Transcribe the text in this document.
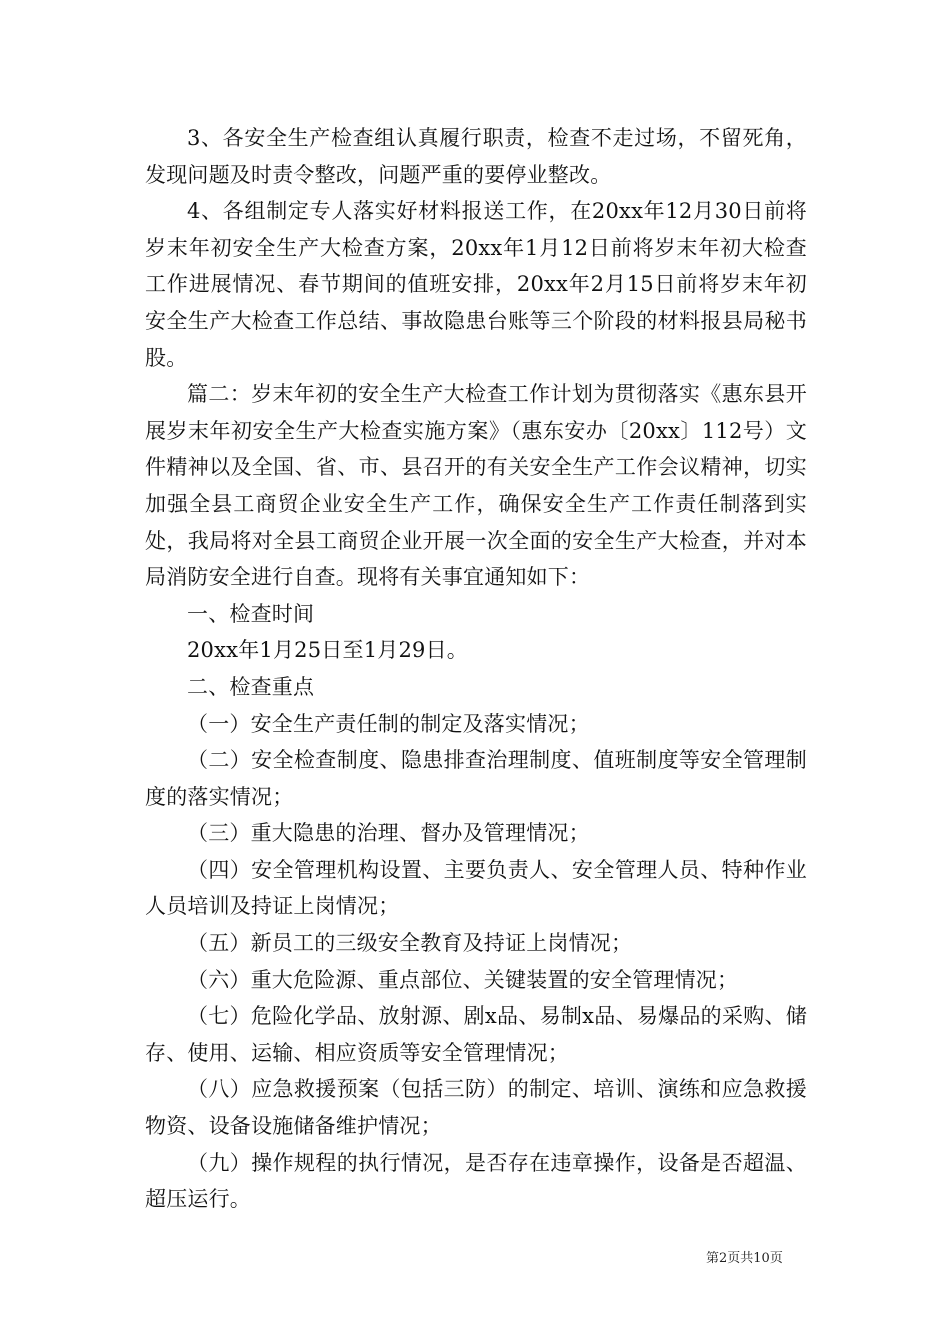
3、各安全生产检查组认真履行职责，检查不走过场，不留死角，发现问题及时责令整改，问题严重的要停业整改。

4、各组制定专人落实好材料报送工作，在20xx年12月30日前将岁末年初安全生产大检查方案，20xx年1月12日前将岁末年初大检查工作进展情况、春节期间的值班安排，20xx年2月15日前将岁末年初安全生产大检查工作总结、事故隐患台账等三个阶段的材料报县局秘书股。

篇二：岁末年初的安全生产大检查工作计划为贯彻落实《惠东县开展岁末年初安全生产大检查实施方案》（惠东安办〔20xx〕112号）文件精神以及全国、省、市、县召开的有关安全生产工作会议精神，切实加强全县工商贸企业安全生产工作，确保安全生产工作责任制落到实处，我局将对全县工商贸企业开展一次全面的安全生产大检查，并对本局消防安全进行自查。现将有关事宜通知如下：

一、检查时间

20xx年1月25日至1月29日。

二、检查重点

（一）安全生产责任制的制定及落实情况；

（二）安全检查制度、隐患排查治理制度、值班制度等安全管理制度的落实情况；

（三）重大隐患的治理、督办及管理情况；

（四）安全管理机构设置、主要负责人、安全管理人员、特种作业人员培训及持证上岗情况；

（五）新员工的三级安全教育及持证上岗情况；

（六）重大危险源、重点部位、关键装置的安全管理情况；

（七）危险化学品、放射源、剧x品、易制x品、易爆品的采购、储存、使用、运输、相应资质等安全管理情况；

（八）应急救援预案（包括三防）的制定、培训、演练和应急救援物资、设备设施储备维护情况；

（九）操作规程的执行情况，是否存在违章操作，设备是否超温、超压运行。

第2页共10页
